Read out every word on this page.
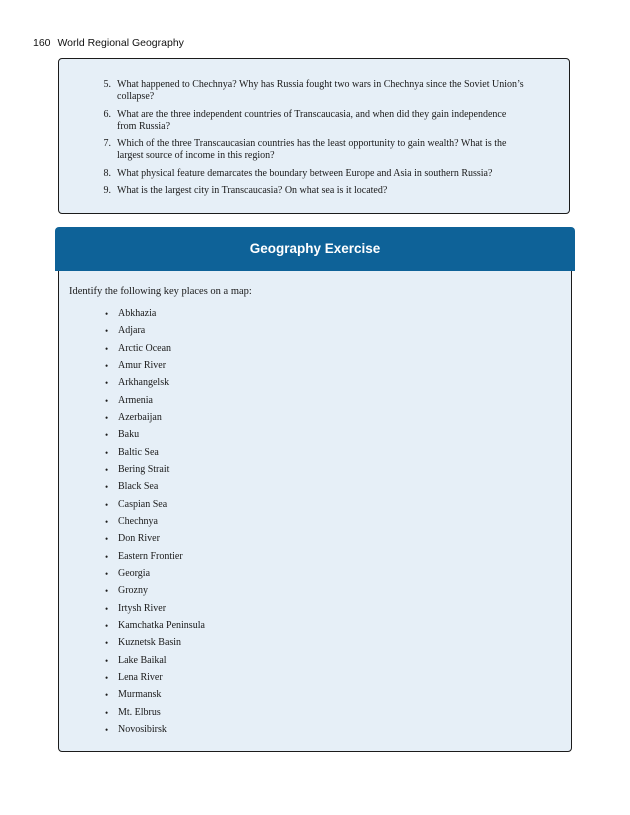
160 World Regional Geography
5. What happened to Chechnya? Why has Russia fought two wars in Chechnya since the Soviet Union’s collapse?
6. What are the three independent countries of Transcaucasia, and when did they gain independence from Russia?
7. Which of the three Transcaucasian countries has the least opportunity to gain wealth? What is the largest source of income in this region?
8. What physical feature demarcates the boundary between Europe and Asia in southern Russia?
9. What is the largest city in Transcaucasia? On what sea is it located?
Geography Exercise
Identify the following key places on a map:
• Abkhazia
• Adjara
• Arctic Ocean
• Amur River
• Arkhangelsk
• Armenia
• Azerbaijan
• Baku
• Baltic Sea
• Bering Strait
• Black Sea
• Caspian Sea
• Chechnya
• Don River
• Eastern Frontier
• Georgia
• Grozny
• Irtysh River
• Kamchatka Peninsula
• Kuznetsk Basin
• Lake Baikal
• Lena River
• Murmansk
• Mt. Elbrus
• Novosibirsk
